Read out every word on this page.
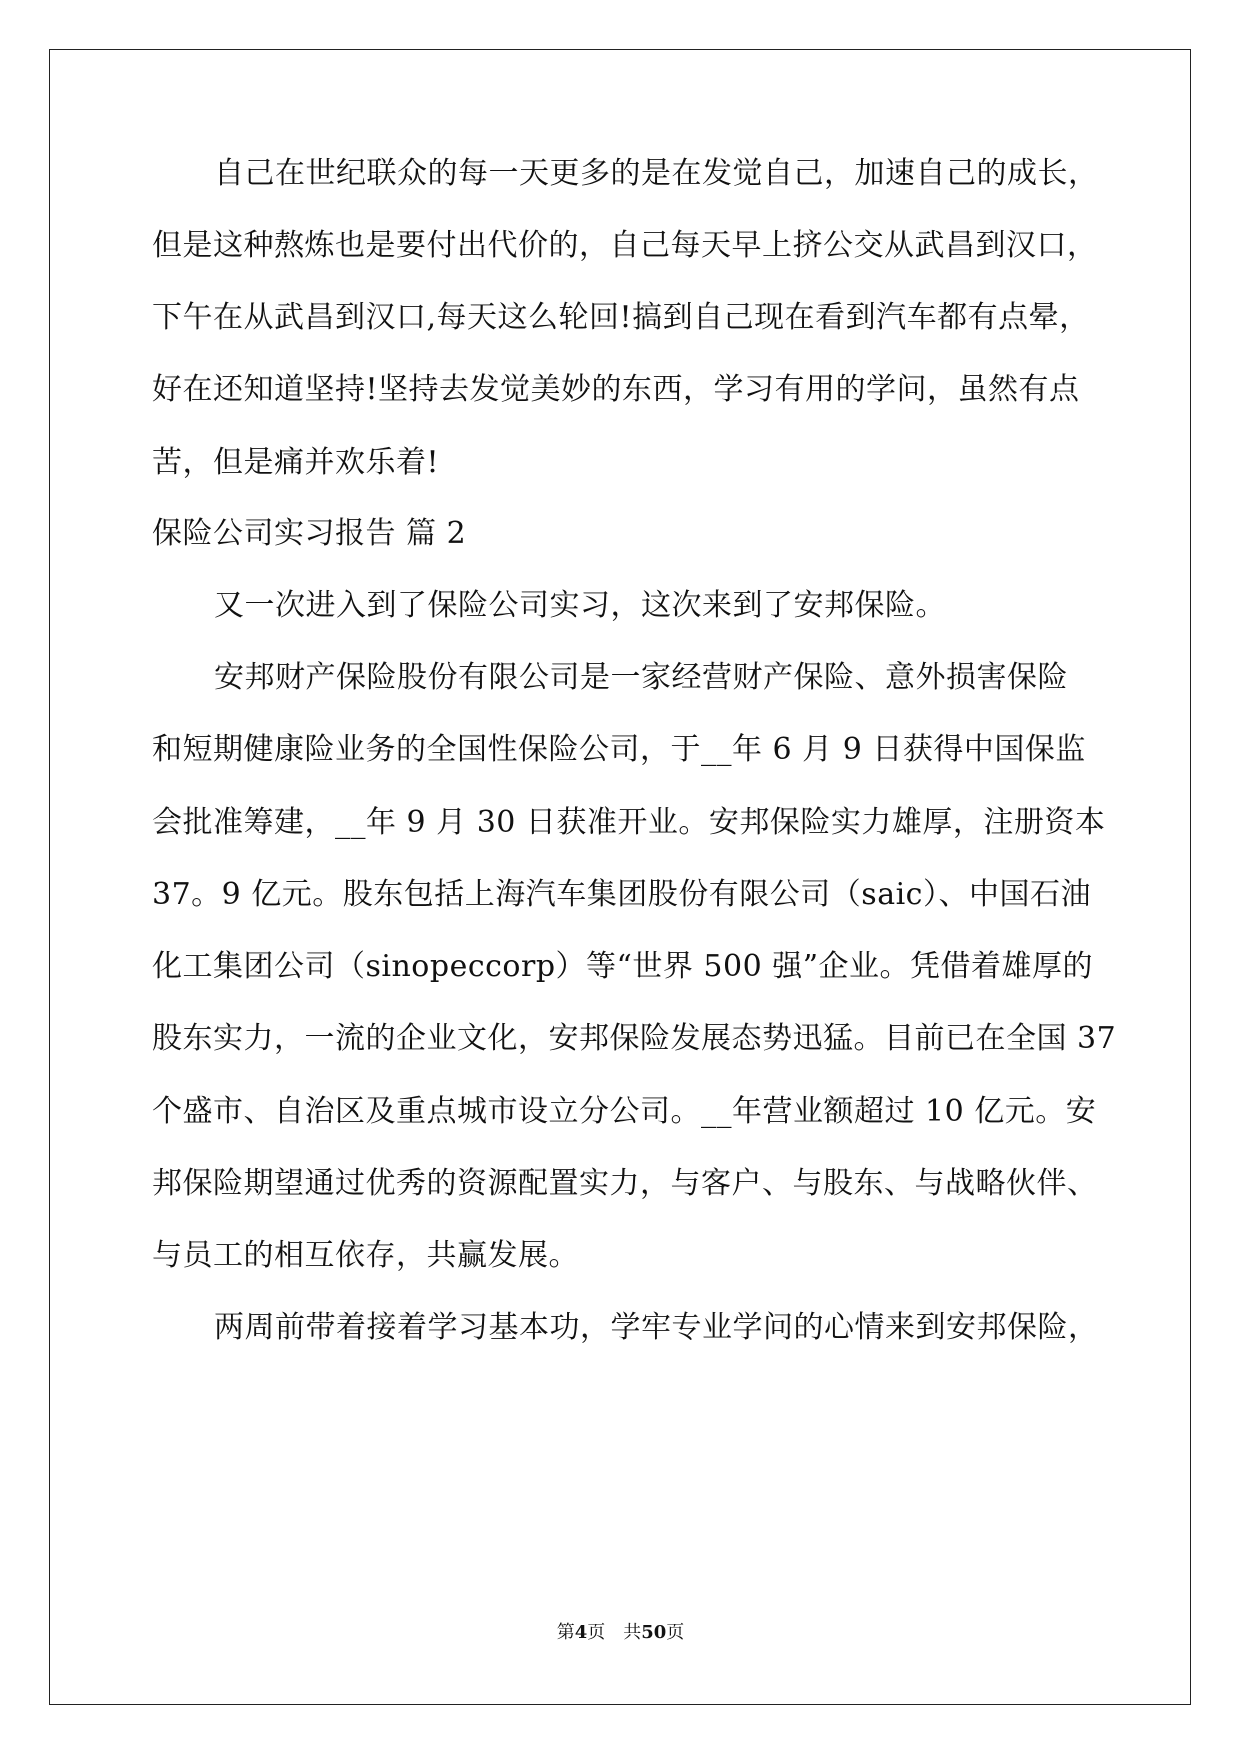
自己在世纪联众的每一天更多的是在发觉自己，加速自己的成长，
但是这种熬炼也是要付出代价的，自己每天早上挤公交从武昌到汉口，
下午在从武昌到汉口,每天这么轮回!搞到自己现在看到汽车都有点晕，
好在还知道坚持!坚持去发觉美妙的东西，学习有用的学问，虽然有点
苦，但是痛并欢乐着!
保险公司实习报告 篇 2
又一次进入到了保险公司实习，这次来到了安邦保险。
安邦财产保险股份有限公司是一家经营财产保险、意外损害保险
和短期健康险业务的全国性保险公司，于__年 6 月 9 日获得中国保监
会批准筹建，__年 9 月 30 日获准开业。安邦保险实力雄厚，注册资本
37。9 亿元。股东包括上海汽车集团股份有限公司（saic）、中国石油
化工集团公司（sinopeccorp）等“世界 500 强”企业。凭借着雄厚的
股东实力，一流的企业文化，安邦保险发展态势迅猛。目前已在全国 37
个盛市、自治区及重点城市设立分公司。__年营业额超过 10 亿元。安
邦保险期望通过优秀的资源配置实力，与客户、与股东、与战略伙伴、
与员工的相互依存，共赢发展。
两周前带着接着学习基本功，学牢专业学问的心情来到安邦保险，
第4页　共50页
